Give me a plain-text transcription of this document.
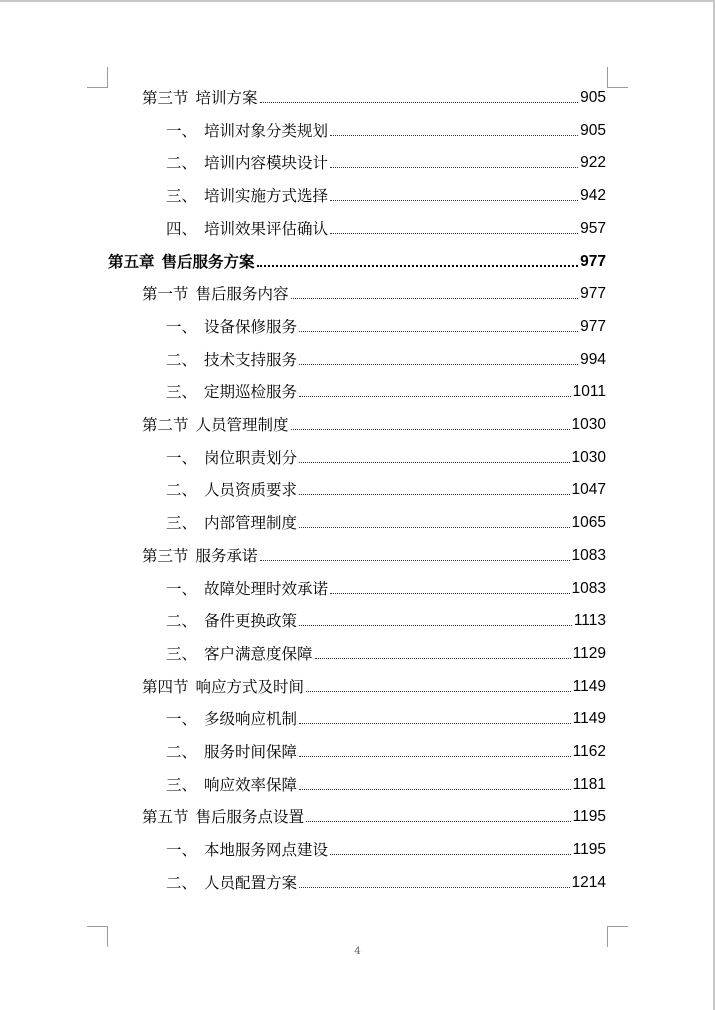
第三节 培训方案	905
一、 培训对象分类规划	905
二、 培训内容模块设计	922
三、 培训实施方式选择	942
四、 培训效果评估确认	957
第五章 售后服务方案	977
第一节 售后服务内容	977
一、 设备保修服务	977
二、 技术支持服务	994
三、 定期巡检服务	1011
第二节 人员管理制度	1030
一、 岗位职责划分	1030
二、 人员资质要求	1047
三、 内部管理制度	1065
第三节 服务承诺	1083
一、 故障处理时效承诺	1083
二、 备件更换政策	1113
三、 客户满意度保障	1129
第四节 响应方式及时间	1149
一、 多级响应机制	1149
二、 服务时间保障	1162
三、 响应效率保障	1181
第五节 售后服务点设置	1195
一、 本地服务网点建设	1195
二、 人员配置方案	1214
4
